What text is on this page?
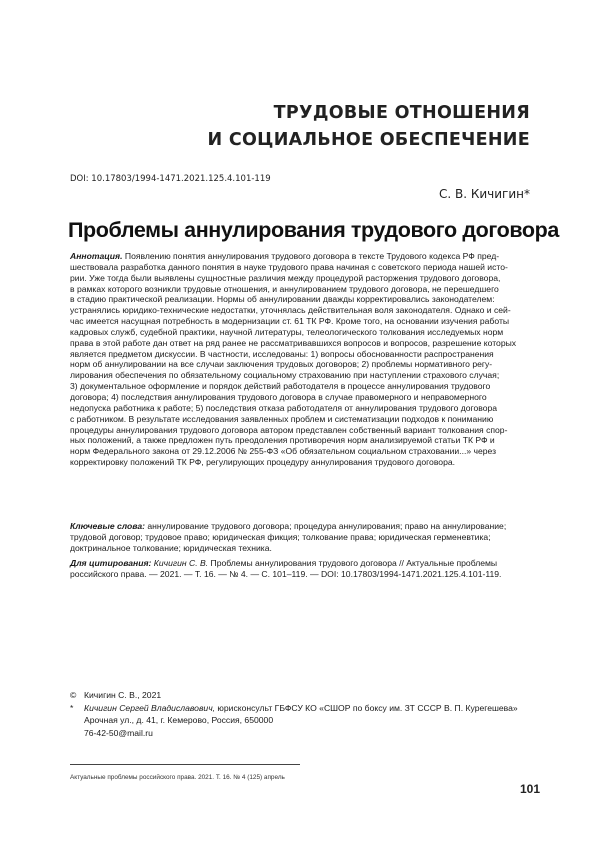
ТРУДОВЫЕ ОТНОШЕНИЯ
И СОЦИАЛЬНОЕ ОБЕСПЕЧЕНИЕ
DOI: 10.17803/1994-1471.2021.125.4.101-119
С. В. Кичигин*
Проблемы аннулирования трудового договора
Аннотация. Появлению понятия аннулирования трудового договора в тексте Трудового кодекса РФ пред-
шествовала разработка данного понятия в науке трудового права начиная с советского периода нашей исто-
рии. Уже тогда были выявлены сущностные различия между процедурой расторжения трудового договора,
в рамках которого возникли трудовые отношения, и аннулированием трудового договора, не перешедшего
в стадию практической реализации. Нормы об аннулировании дважды корректировались законодателем:
устранялись юридико-технические недостатки, уточнялась действительная воля законодателя. Однако и сей-
час имеется насущная потребность в модернизации ст. 61 ТК РФ. Кроме того, на основании изучения работы
кадровых служб, судебной практики, научной литературы, телеологического толкования исследуемых норм
права в этой работе дан ответ на ряд ранее не рассматривавшихся вопросов и вопросов, разрешение которых
является предметом дискуссии. В частности, исследованы: 1) вопросы обоснованности распространения
норм об аннулировании на все случаи заключения трудовых договоров; 2) проблемы нормативного регу-
лирования обеспечения по обязательному социальному страхованию при наступлении страхового случая;
3) документальное оформление и порядок действий работодателя в процессе аннулирования трудового
договора; 4) последствия аннулирования трудового договора в случае правомерного и неправомерного
недопуска работника к работе; 5) последствия отказа работодателя от аннулирования трудового договора
с работником. В результате исследования заявленных проблем и систематизации подходов к пониманию
процедуры аннулирования трудового договора автором представлен собственный вариант толкования спор-
ных положений, а также предложен путь преодоления противоречия норм анализируемой статьи ТК РФ и
норм Федерального закона от 29.12.2006 № 255-ФЗ «Об обязательном социальном страховании...» через
корректировку положений ТК РФ, регулирующих процедуру аннулирования трудового договора.
Ключевые слова: аннулирование трудового договора; процедура аннулирования; право на аннулирование;
трудовой договор; трудовое право; юридическая фикция; толкование права; юридическая герменевтика;
доктринальное толкование; юридическая техника.
Для цитирования: Кичигин С. В. Проблемы аннулирования трудового договора // Актуальные проблемы
российского права. — 2021. — Т. 16. — № 4. — С. 101–119. — DOI: 10.17803/1994-1471.2021.125.4.101-119.
© Кичигин С. В., 2021
*	Кичигин Сергей Владиславович, юрисконсульт ГБФСУ КО «СШОР по боксу им. ЗТ СССР В. П. Курегешева»
Арочная ул., д. 41, г. Кемерово, Россия, 650000
76-42-50@mail.ru
Актуальные проблемы российского права. 2021. Т. 16. № 4 (125) апрель
101
